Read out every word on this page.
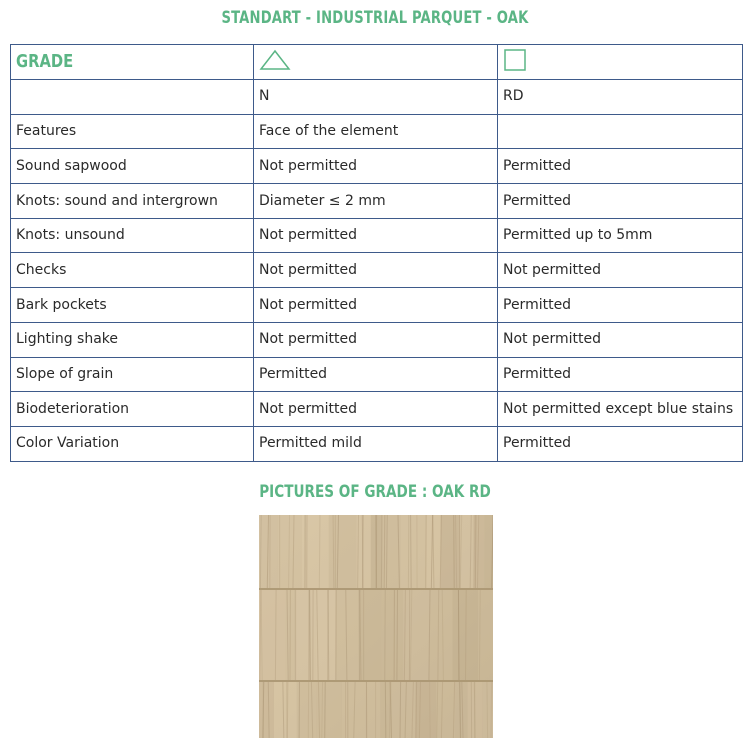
STANDART - INDUSTRIAL PARQUET - OAK
GRADE		
	N	RD
Features	Face of the element	
Sound sapwood	Not permitted	Permitted
Knots: sound and intergrown	Diameter ≤ 2 mm	Permitted
Knots: unsound	Not permitted	Permitted up to 5mm
Checks	Not permitted	Not permitted
Bark pockets	Not permitted	Permitted
Lighting shake	Not permitted	Not permitted
Slope of grain	Permitted	Permitted
Biodeterioration	Not permitted	Not permitted except blue stains
Color Variation	Permitted mild	Permitted
PICTURES OF GRADE : OAK RD
